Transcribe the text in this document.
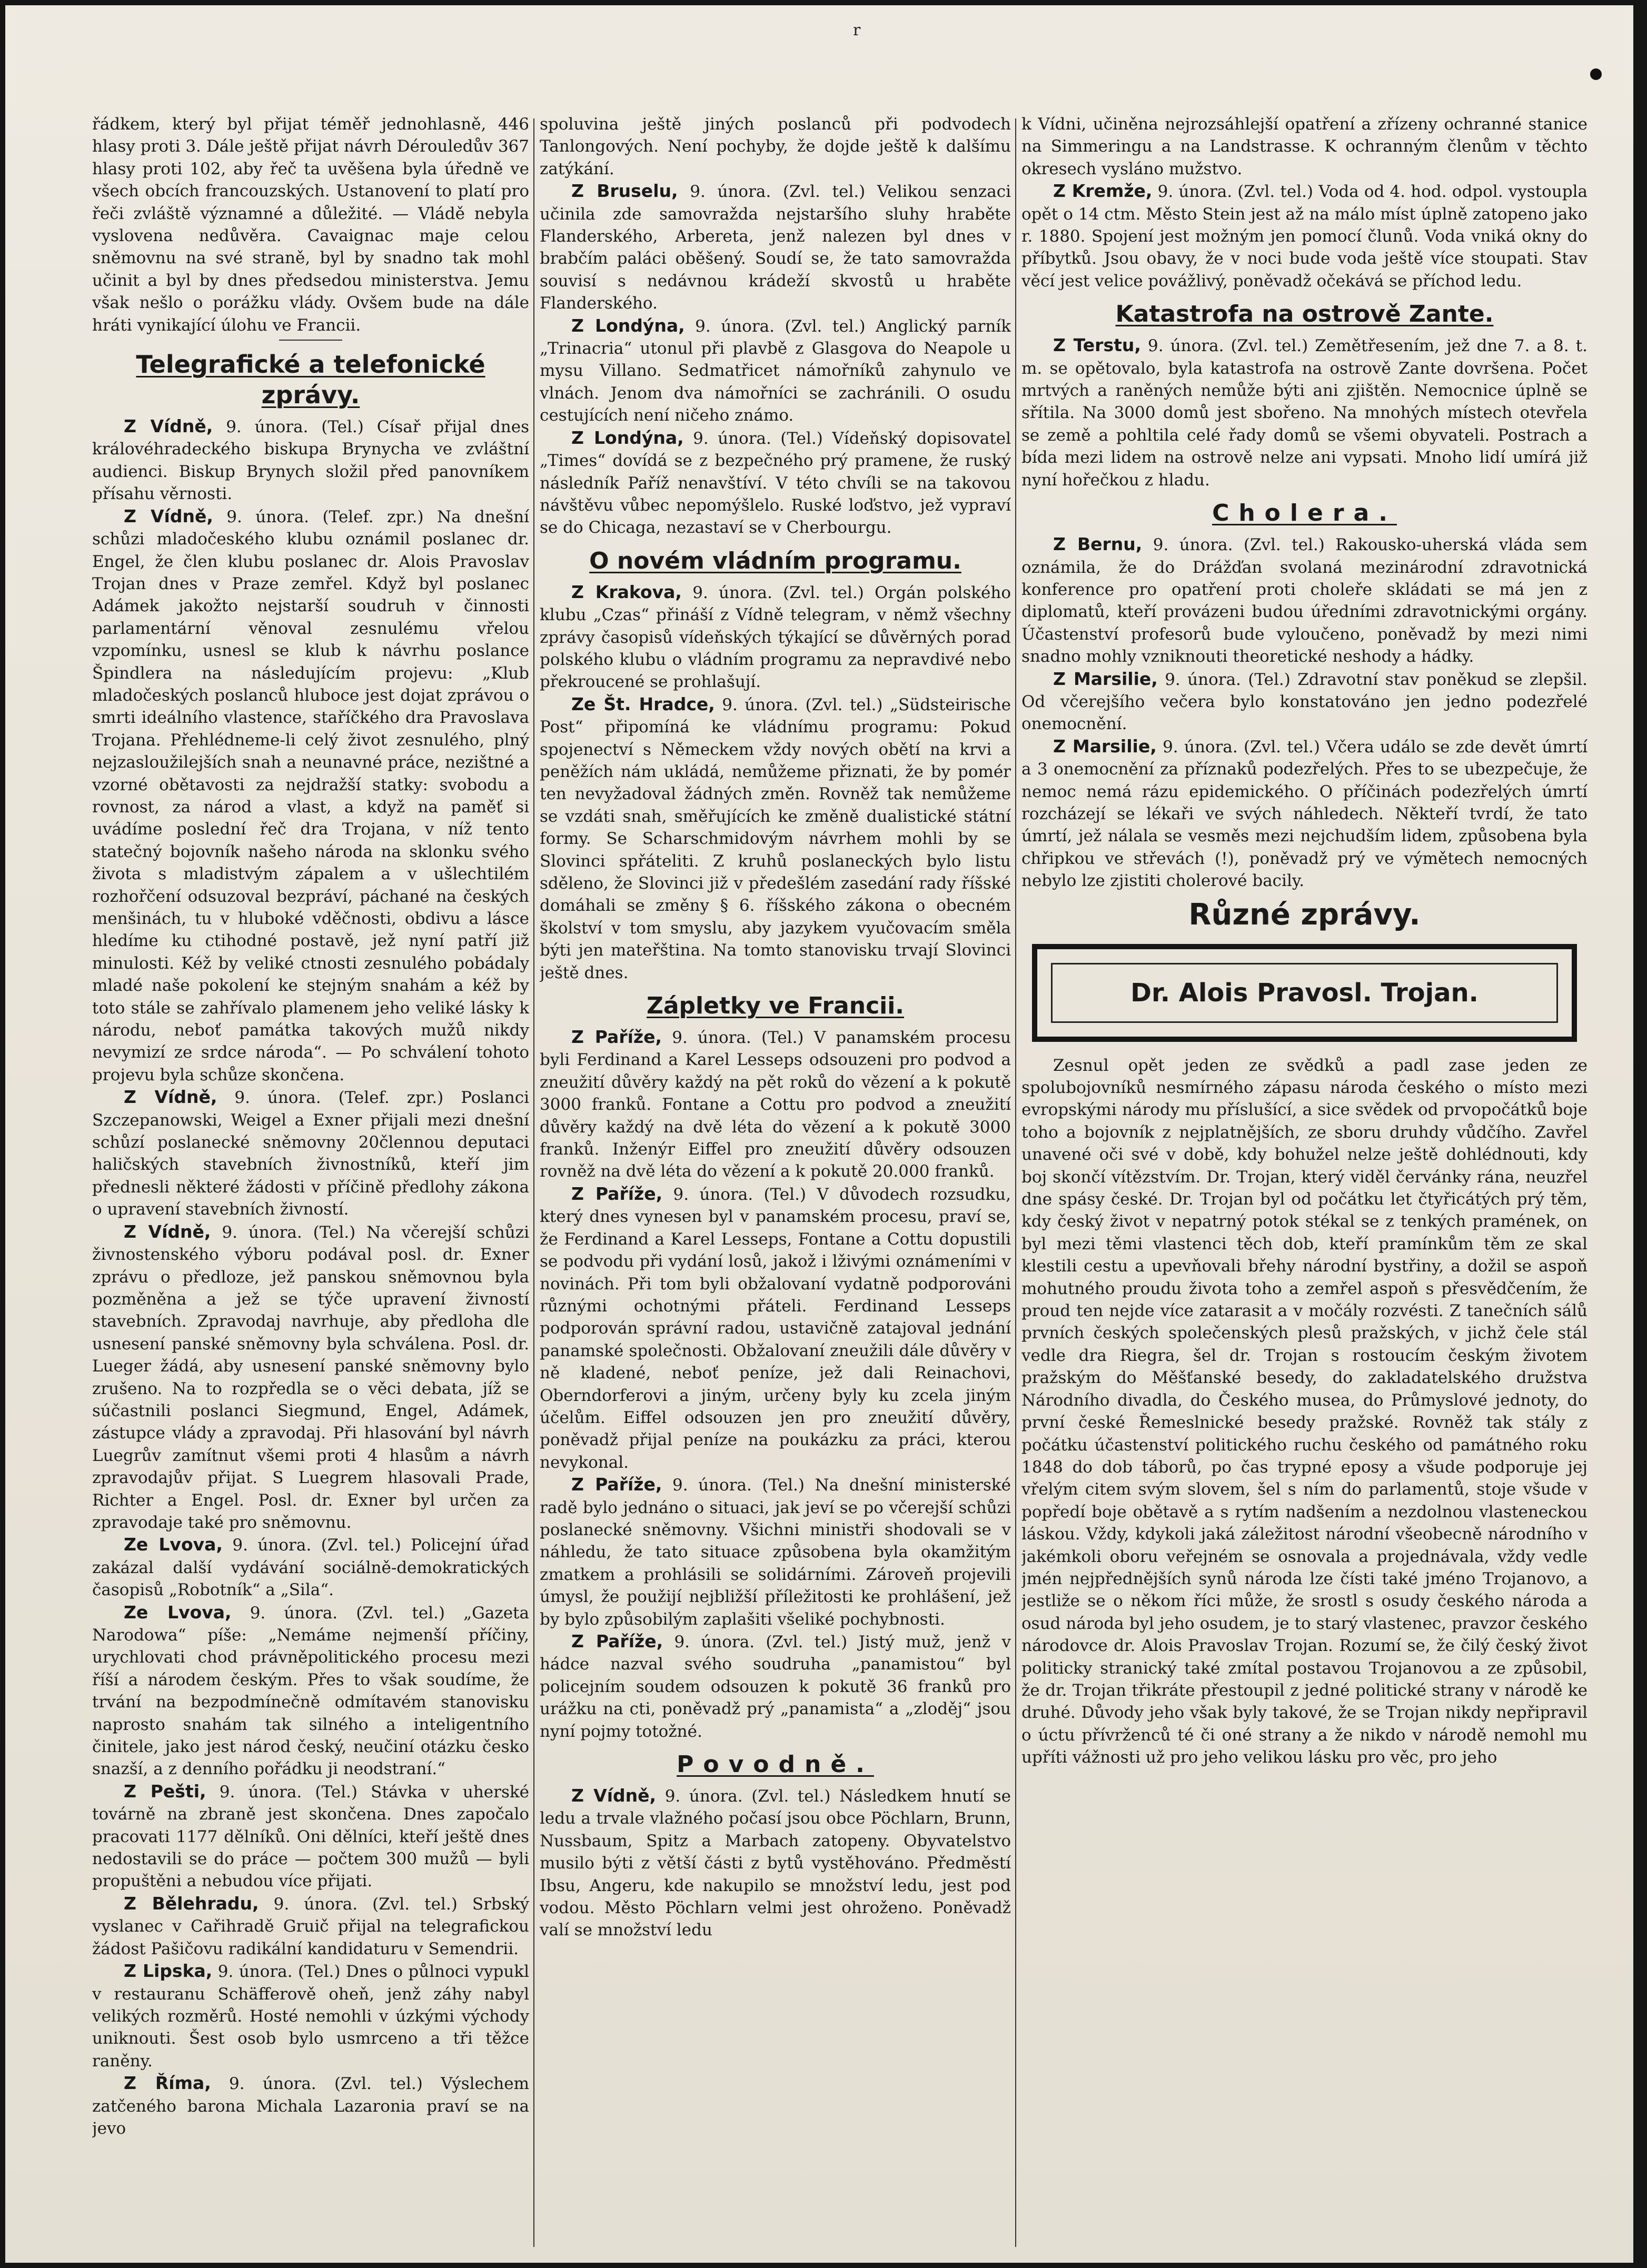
r

řádkem, který byl přijat téměř jednohlasně, 446 hlasy proti 3. Dále ještě přijat návrh Dérouledův 367 hlasy proti 102, aby řeč ta uvěšena byla úředně ve všech obcích francouzských. Ustanovení to platí pro řeči zvláště významné a důležité. — Vládě nebyla vyslovena nedůvěra. Cavaignac maje celou sněmovnu na své straně, byl by snadno tak mohl učinit a byl by dnes předsedou ministerstva. Jemu však nešlo o porážku vlády. Ovšem bude na dále hráti vynikající úlohu ve Francii.

Telegrafické a telefonické zprávy.

Z Vídně, 9. února. (Tel.) Císař přijal dnes královéhradeckého biskupa Brynycha ve zvláštní audienci. Biskup Brynych složil před panovníkem přísahu věrnosti.

Z Vídně, 9. února. (Telef. zpr.) Na dnešní schůzi mladočeského klubu oznámil poslanec dr. Engel, že člen klubu poslanec dr. Alois Pravoslav Trojan dnes v Praze zemřel. Když byl poslanec Adámek jakožto nejstarší soudruh v činnosti parlamentární věnoval zesnulému vřelou vzpomínku, usnesl se klub k návrhu poslance Špindlera na následujícím projevu: „Klub mladočeských poslanců hluboce jest dojat zprávou o smrti ideálního vlastence, staříčkého dra Pravoslava Trojana. Přehlédneme-li celý život zesnulého, plný nejzasloužilejších snah a neunavné práce, nezištné a vzorné obětavosti za nejdražší statky: svobodu a rovnost, za národ a vlast, a když na paměť si uvádíme poslední řeč dra Trojana, v níž tento statečný bojovník našeho národa na sklonku svého života s mladistvým zápalem a v ušlechtilém rozhořčení odsuzoval bezpráví, páchané na českých menšinách, tu v hluboké vděčnosti, obdivu a lásce hledíme ku ctihodné postavě, jež nyní patří již minulosti. Kéž by veliké ctnosti zesnulého pobádaly mladé naše pokolení ke stejným snahám a kéž by toto stále se zahřívalo plamenem jeho veliké lásky k národu, neboť památka takových mužů nikdy nevymizí ze srdce národa“. — Po schválení tohoto projevu byla schůze skončena.

Z Vídně, 9. února. (Telef. zpr.) Poslanci Szczepanowski, Weigel a Exner přijali mezi dnešní schůzí poslanecké sněmovny 20člennou deputaci haličských stavebních živnostníků, kteří jim přednesli některé žádosti v příčině předlohy zákona o upravení stavebních živností.

Z Vídně, 9. února. (Tel.) Na včerejší schůzi živnostenského výboru podával posl. dr. Exner zprávu o předloze, jež panskou sněmovnou byla pozměněna a jež se týče upravení živností stavebních. Zpravodaj navrhuje, aby předloha dle usnesení panské sněmovny byla schválena. Posl. dr. Lueger žádá, aby usnesení panské sněmovny bylo zrušeno. Na to rozpředla se o věci debata, jíž se súčastnili poslanci Siegmund, Engel, Adámek, zástupce vlády a zpravodaj. Při hlasování byl návrh Luegrův zamítnut všemi proti 4 hlasům a návrh zpravodajův přijat. S Luegrem hlasovali Prade, Richter a Engel. Posl. dr. Exner byl určen za zpravodaje také pro sněmovnu.

Ze Lvova, 9. února. (Zvl. tel.) Policejní úřad zakázal další vydávání sociálně-demokratických časopisů „Robotník“ a „Sila“.

Ze Lvova, 9. února. (Zvl. tel.) „Gazeta Narodowa“ píše: „Nemáme nejmenší příčiny, urychlovati chod právněpolitického procesu mezi říší a národem českým. Přes to však soudíme, že trvání na bezpodmínečně odmítavém stanovisku naprosto snahám tak silného a inteligentního činitele, jako jest národ český, neučiní otázku česko snazší, a z denního pořádku ji neodstraní.“

Z Pešti, 9. února. (Tel.) Stávka v uherské továrně na zbraně jest skončena. Dnes započalo pracovati 1177 dělníků. Oni dělníci, kteří ještě dnes nedostavili se do práce — počtem 300 mužů — byli propuštěni a nebudou více přijati.

Z Bělehradu, 9. února. (Zvl. tel.) Srbský vyslanec v Cařihradě Gruič přijal na telegrafickou žádost Pašičovu radikální kandidaturu v Semendrii.

Z Lipska, 9. února. (Tel.) Dnes o půlnoci vypukl v restauranu Schäfferově oheň, jenž záhy nabyl velikých rozměrů. Hosté nemohli v úzkými východy uniknouti. Šest osob bylo usmrceno a tři těžce raněny.

Z Říma, 9. února. (Zvl. tel.) Výslechem zatčeného barona Michala Lazaronia praví se na jevo

spoluvina ještě jiných poslanců při podvodech Tanlongových. Není pochyby, že dojde ještě k dalšímu zatýkání.

Z Bruselu, 9. února. (Zvl. tel.) Velikou senzaci učinila zde samovražda nejstaršího sluhy hraběte Flanderského, Arbereta, jenž nalezen byl dnes v brabčím paláci oběšený. Soudí se, že tato samovražda souvisí s nedávnou krádeží skvostů u hraběte Flanderského.

Z Londýna, 9. února. (Zvl. tel.) Anglický parník „Trinacria“ utonul při plavbě z Glasgova do Neapole u mysu Villano. Sedmatřicet námořníků zahynulo ve vlnách. Jenom dva námořníci se zachránili. O osudu cestujících není ničeho známo.

Z Londýna, 9. února. (Tel.) Vídeňský dopisovatel „Times“ dovídá se z bezpečného prý pramene, že ruský následník Paříž nenavštíví. V této chvíli se na takovou návštěvu vůbec nepomýšlelo. Ruské loďstvo, jež vypraví se do Chicaga, nezastaví se v Cherbourgu.

O novém vládním programu.

Z Krakova, 9. února. (Zvl. tel.) Orgán polského klubu „Czas“ přináší z Vídně telegram, v němž všechny zprávy časopisů vídeňských týkající se důvěrných porad polského klubu o vládním programu za nepravdivé nebo překroucené se prohlašují.

Ze Št. Hradce, 9. února. (Zvl. tel.) „Südsteirische Post“ připomíná ke vládnímu programu: Pokud spojenectví s Německem vždy nových obětí na krvi a peněžích nám ukládá, nemůžeme přiznati, že by pomér ten nevyžadoval žádných změn. Rovněž tak nemůžeme se vzdáti snah, směřujících ke změně dualistické státní formy. Se Scharschmidovým návrhem mohli by se Slovinci spřáteliti. Z kruhů poslaneckých bylo listu sděleno, že Slovinci již v předešlém zasedání rady říšské domáhali se změny § 6. říšského zákona o obecném školství v tom smyslu, aby jazykem vyučovacím směla býti jen mateřština. Na tomto stanovisku trvají Slovinci ještě dnes.

Zápletky ve Francii.

Z Paříže, 9. února. (Tel.) V panamském procesu byli Ferdinand a Karel Lesseps odsouzeni pro podvod a zneužití důvěry každý na pět roků do vězení a k pokutě 3000 franků. Fontane a Cottu pro podvod a zneužití důvěry každý na dvě léta do vězení a k pokutě 3000 franků. Inženýr Eiffel pro zneužití důvěry odsouzen rovněž na dvě léta do vězení a k pokutě 20.000 franků.

Z Paříže, 9. února. (Tel.) V důvodech rozsudku, který dnes vynesen byl v panamském procesu, praví se, že Ferdinand a Karel Lesseps, Fontane a Cottu dopustili se podvodu při vydání losů, jakož i lživými oznámeními v novinách. Při tom byli obžalovaní vydatně podporováni různými ochotnými přáteli. Ferdinand Lesseps podporován správní radou, ustavičně zatajoval jednání panamské společnosti. Obžalovaní zneužili dále důvěry v ně kladené, neboť peníze, jež dali Reinachovi, Oberndorferovi a jiným, určeny byly ku zcela jiným účelům. Eiffel odsouzen jen pro zneužití důvěry, poněvadž přijal peníze na poukázku za práci, kterou nevykonal.

Z Paříže, 9. února. (Tel.) Na dnešní ministerské radě bylo jednáno o situaci, jak jeví se po včerejší schůzi poslanecké sněmovny. Všichni ministři shodovali se v náhledu, že tato situace způsobena byla okamžitým zmatkem a prohlásili se solidárními. Zároveň projevili úmysl, že použijí nejbližší příležitosti ke prohlášení, jež by bylo způsobilým zaplašiti všeliké pochybnosti.

Z Paříže, 9. února. (Zvl. tel.) Jistý muž, jenž v hádce nazval svého soudruha „panamistou“ byl policejním soudem odsouzen k pokutě 36 franků pro urážku na cti, poněvadž prý „panamista“ a „zloděj“ jsou nyní pojmy totožné.

Povodně.

Z Vídně, 9. února. (Zvl. tel.) Následkem hnutí se ledu a trvale vlažného počasí jsou obce Pöchlarn, Brunn, Nussbaum, Spitz a Marbach zatopeny. Obyvatelstvo musilo býti z větší části z bytů vystěhováno. Předměstí Ibsu, Angeru, kde nakupilo se množství ledu, jest pod vodou. Město Pöchlarn velmi jest ohroženo. Poněvadž valí se množství ledu

k Vídni, učiněna nejrozsáhlejší opatření a zřízeny ochranné stanice na Simmeringu a na Landstrasse. K ochranným členům v těchto okresech vysláno mužstvo.

Z Kremže, 9. února. (Zvl. tel.) Voda od 4. hod. odpol. vystoupla opět o 14 ctm. Město Stein jest až na málo míst úplně zatopeno jako r. 1880. Spojení jest možným jen pomocí člunů. Voda vniká okny do příbytků. Jsou obavy, že v noci bude voda ještě více stoupati. Stav věcí jest velice povážlivý, poněvadž očekává se příchod ledu.

Katastrofa na ostrově Zante.

Z Terstu, 9. února. (Zvl. tel.) Zemětřesením, jež dne 7. a 8. t. m. se opětovalo, byla katastrofa na ostrově Zante dovršena. Počet mrtvých a raněných nemůže býti ani zjištěn. Nemocnice úplně se sřítila. Na 3000 domů jest sbořeno. Na mnohých místech otevřela se země a pohltila celé řady domů se všemi obyvateli. Postrach a bída mezi lidem na ostrově nelze ani vypsati. Mnoho lidí umírá již nyní hořečkou z hladu.

Cholera.

Z Bernu, 9. února. (Zvl. tel.) Rakousko-uherská vláda sem oznámila, že do Drážďan svolaná mezinárodní zdravotnická konference pro opatření proti choleře skládati se má jen z diplomatů, kteří provázeni budou úředními zdravotnickými orgány. Účastenství profesorů bude vyloučeno, poněvadž by mezi nimi snadno mohly vzniknouti theoretické neshody a hádky.

Z Marsilie, 9. února. (Tel.) Zdravotní stav poněkud se zlepšil. Od včerejšího večera bylo konstatováno jen jedno podezřelé onemocnění.

Z Marsilie, 9. února. (Zvl. tel.) Včera událo se zde devět úmrtí a 3 onemocnění za příznaků podezřelých. Přes to se ubezpečuje, že nemoc nemá rázu epidemického. O příčinách podezřelých úmrtí rozcházejí se lékaři ve svých náhledech. Někteří tvrdí, že tato úmrtí, jež nálala se vesměs mezi nejchudším lidem, způsobena byla chřipkou ve střevách (!), poněvadž prý ve výmětech nemocných nebylo lze zjistiti cholerové bacily.

Různé zprávy.
Dr. Alois Pravosl. Trojan.

Zesnul opět jeden ze svědků a padl zase jeden ze spolubojovníků nesmírného zápasu národa českého o místo mezi evropskými národy mu příslušící, a sice svědek od prvopočátků boje toho a bojovník z nejplatnějších, ze sboru druhdy vůdčího. Zavřel unavené oči své v době, kdy bohužel nelze ještě dohlédnouti, kdy boj skončí vítězstvím. Dr. Trojan, který viděl červánky rána, neuzřel dne spásy české. Dr. Trojan byl od počátku let čtyřicátých prý těm, kdy český život v nepatrný potok stékal se z tenkých pramének, on byl mezi těmi vlastenci těch dob, kteří pramínkům těm ze skal klestili cestu a upevňovali břehy národní bystřiny, a dožil se aspoň mohutného proudu života toho a zemřel aspoň s přesvědčením, že proud ten nejde více zatarasit a v močály rozvésti. Z tanečních sálů prvních českých společenských plesů pražských, v jichž čele stál vedle dra Riegra, šel dr. Trojan s rostoucím českým životem pražským do Měšťanské besedy, do zakladatelského družstva Národního divadla, do Českého musea, do Průmyslové jednoty, do první české Řemeslnické besedy pražské. Rovněž tak stály z počátku účastenství politického ruchu českého od památného roku 1848 do dob táborů, po čas trypné eposy a všude podporuje jej vřelým citem svým slovem, šel s ním do parlamentů, stoje všude v popředí boje obětavě a s rytím nadšením a nezdolnou vlasteneckou láskou. Vždy, kdykoli jaká záležitost národní všeobecně národního v jakémkoli oboru veřejném se osnovala a projednávala, vždy vedle jmén nejpřednějších synů národa lze čísti také jméno Trojanovo, a jestliže se o někom říci může, že srostl s osudy českého národa a osud národa byl jeho osudem, je to starý vlastenec, pravzor českého národovce dr. Alois Pravoslav Trojan. Rozumí se, že čilý český život politicky stranický také zmítal postavou Trojanovou a ze způsobil, že dr. Trojan třikráte přestoupil z jedné politické strany v národě ke druhé. Důvody jeho však byly takové, že se Trojan nikdy nepřipravil o úctu přívrženců té či oné strany a že nikdo v národě nemohl mu upříti vážnosti už pro jeho velikou lásku pro věc, pro jeho
